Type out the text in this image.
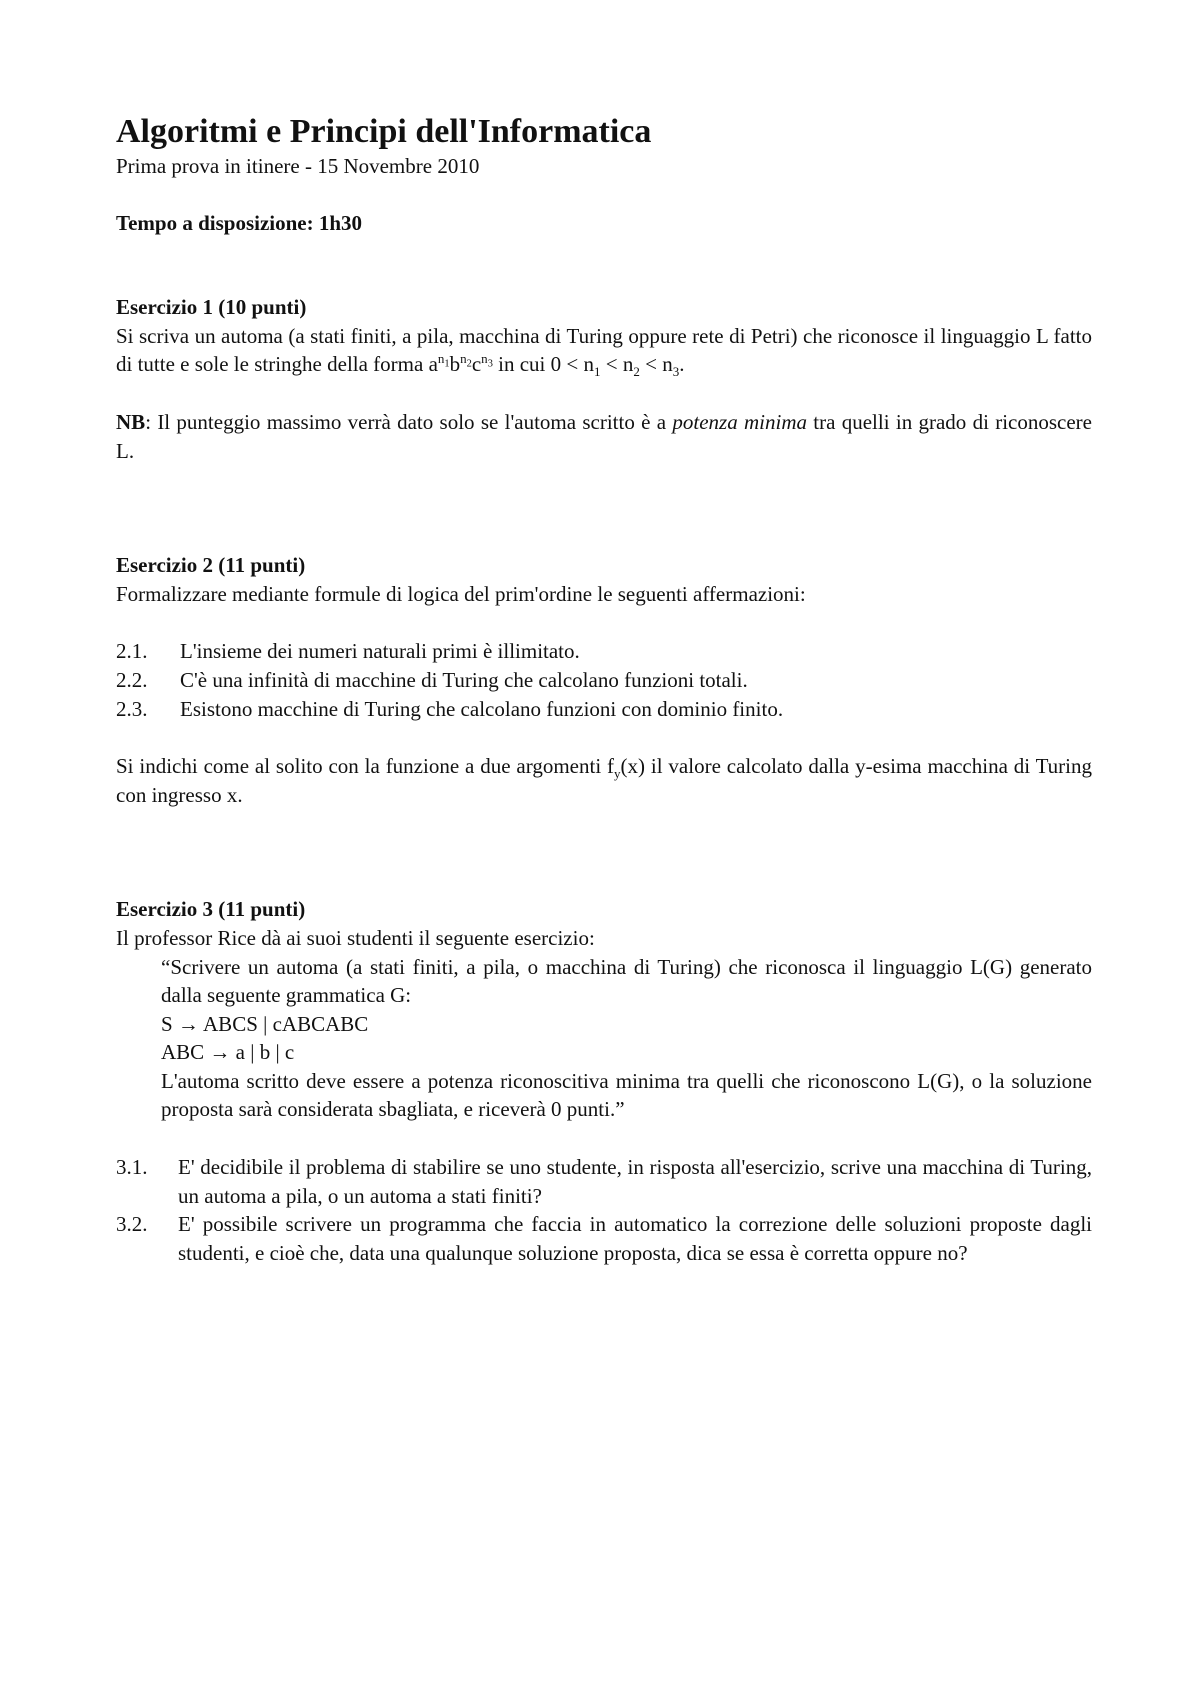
Algoritmi e Principi dell'Informatica

Prima prova in itinere - 15 Novembre 2010

Tempo a disposizione: 1h30

Esercizio 1 (10 punti)

Si scriva un automa (a stati finiti, a pila, macchina di Turing oppure rete di Petri) che riconosce il linguaggio L fatto di tutte e sole le stringhe della forma $a^{n_1}b^{n_2}c^{n_3}$ in cui $0 < n_1 < n_2 < n_3$.

NB: Il punteggio massimo verrà dato solo se l'automa scritto è a potenza minima tra quelli in grado di riconoscere L.

Esercizio 2 (11 punti)

Formalizzare mediante formule di logica del prim'ordine le seguenti affermazioni:

2.1. L'insieme dei numeri naturali primi è illimitato.
2.2. C'è una infinità di macchine di Turing che calcolano funzioni totali.
2.3. Esistono macchine di Turing che calcolano funzioni con dominio finito.

Si indichi come al solito con la funzione a due argomenti $f_y(x)$ il valore calcolato dalla y-esima macchina di Turing con ingresso x.

Esercizio 3 (11 punti)

Il professor Rice dà ai suoi studenti il seguente esercizio:

“Scrivere un automa (a stati finiti, a pila, o macchina di Turing) che riconosca il linguaggio L(G) generato dalla seguente grammatica G:

S → ABCS | cABCABC

ABC → a | b | c

L'automa scritto deve essere a potenza riconoscitiva minima tra quelli che riconoscono L(G), o la soluzione proposta sarà considerata sbagliata, e riceverà 0 punti.”

3.1. E' decidibile il problema di stabilire se uno studente, in risposta all'esercizio, scrive una macchina di Turing, un automa a pila, o un automa a stati finiti?
3.2. E' possibile scrivere un programma che faccia in automatico la correzione delle soluzioni proposte dagli studenti, e cioè che, data una qualunque soluzione proposta, dica se essa è corretta oppure no?
